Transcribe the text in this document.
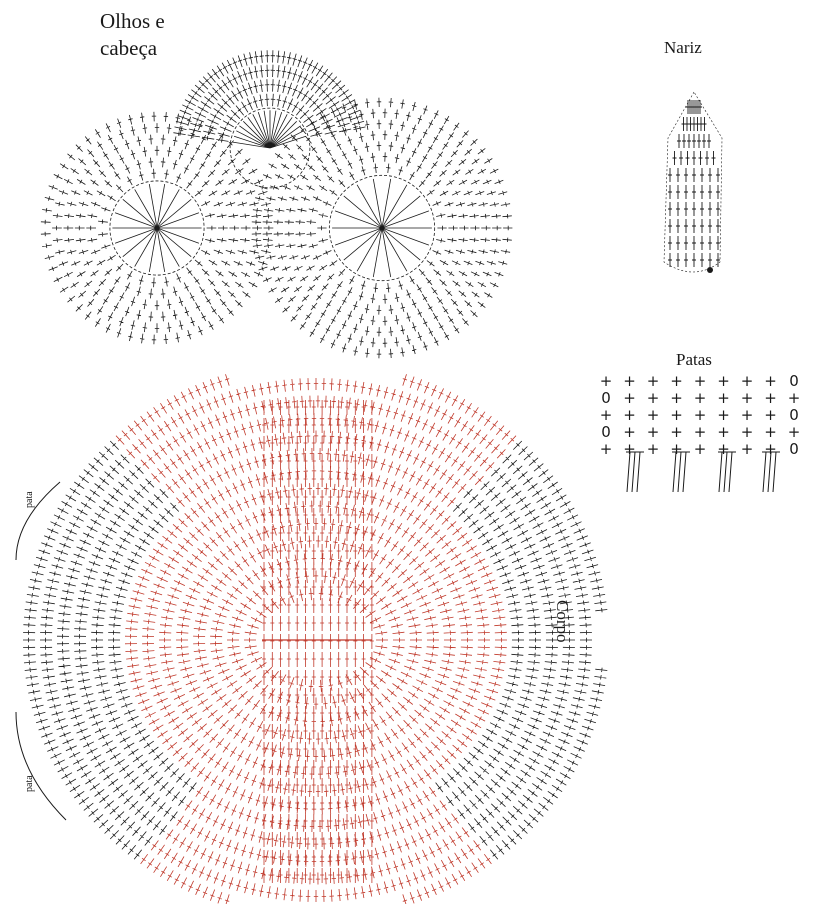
+ + + + + + + + 0
0 + + + + + + + +
+ + + + + + + + 0
0 + + + + + + + +
+ + + + + + + + 0
Olhos e cabeça	Nariz
Patas
Corpo
pata
pata
